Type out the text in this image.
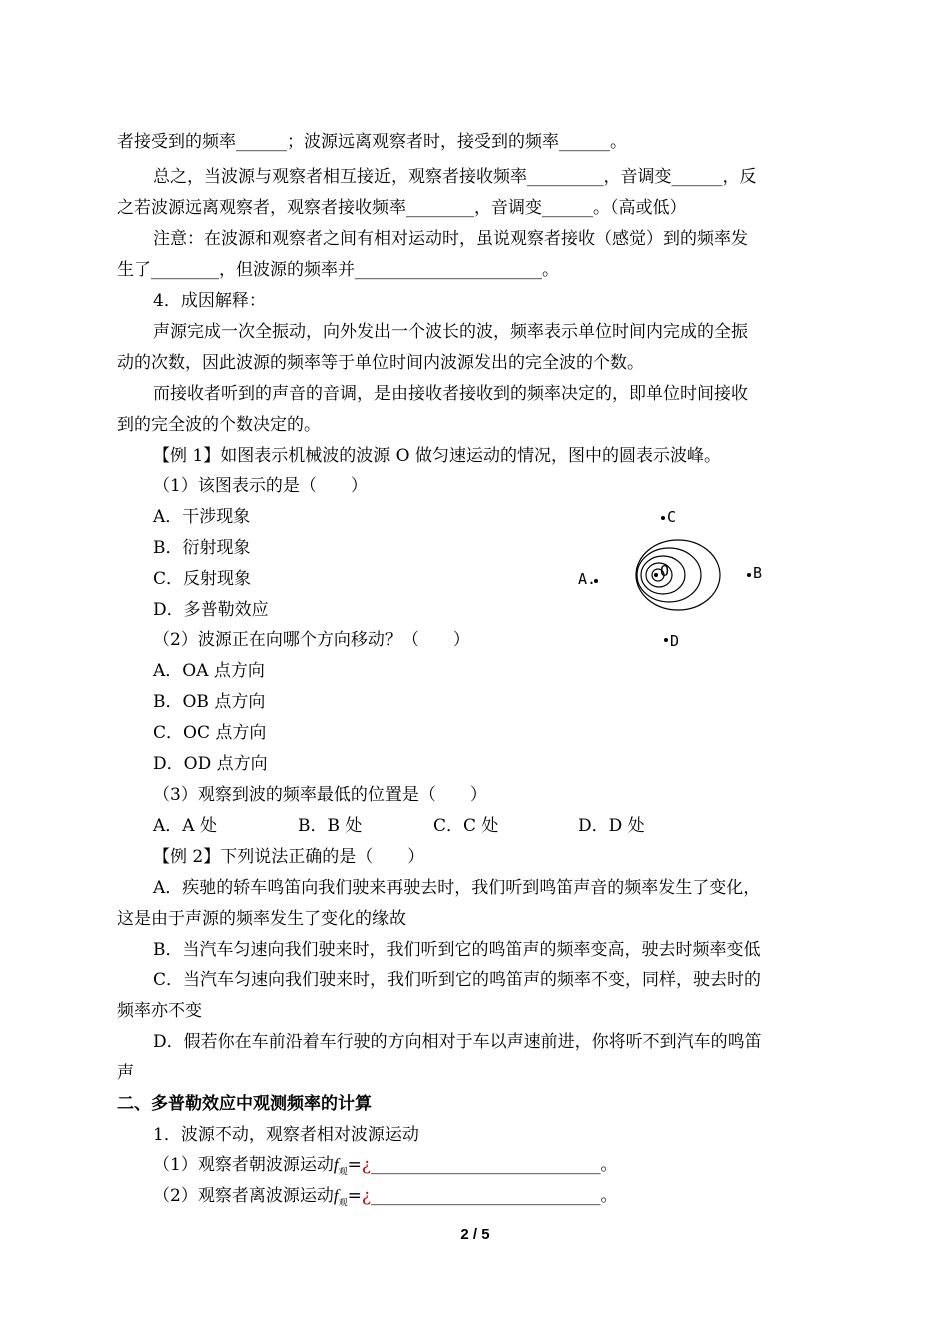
者接受到的频率______；波源远离观察者时，接受到的频率______。
总之，当波源与观察者相互接近，观察者接收频率_________，音调变______，反
之若波源远离观察者，观察者接收频率________，音调变______。（高或低）
注意：在波源和观察者之间有相对运动时，虽说观察者接收（感觉）到的频率发
生了________，但波源的频率并______________________。
4．成因解释：
声源完成一次全振动，向外发出一个波长的波，频率表示单位时间内完成的全振
动的次数，因此波源的频率等于单位时间内波源发出的完全波的个数。
而接收者听到的声音的音调，是由接收者接收到的频率决定的，即单位时间接收
到的完全波的个数决定的。
【例 1】如图表示机械波的波源 O 做匀速运动的情况，图中的圆表示波峰。
（1）该图表示的是（　　）
A．干涉现象
B．衍射现象
C．反射现象
D．多普勒效应
（2）波源正在向哪个方向移动？（　　）
A．OA 点方向
B．OB 点方向
C．OC 点方向
D．OD 点方向
（3）观察到波的频率最低的位置是（　　）
A．A 处	B．B 处	C．C 处	D．D 处
O
A.	B
C
D
【例 2】下列说法正确的是（　　）
A．疾驰的轿车鸣笛向我们驶来再驶去时，我们听到鸣笛声音的频率发生了变化，
这是由于声源的频率发生了变化的缘故
B．当汽车匀速向我们驶来时，我们听到它的鸣笛声的频率变高，驶去时频率变低
C．当汽车匀速向我们驶来时，我们听到它的鸣笛声的频率不变，同样，驶去时的
频率亦不变
D．假若你在车前沿着车行驶的方向相对于车以声速前进，你将听不到汽车的鸣笛
声
二、多普勒效应中观测频率的计算
1．波源不动，观察者相对波源运动
（1）观察者朝波源运动$f_观=¿\_\_\_\_\_\_\_\_\_\_\_\_\_\_\_\_\_\_\_\_\_\_\_\_\_\_\_$。
（2）观察者离波源运动$f_观=¿\_\_\_\_\_\_\_\_\_\_\_\_\_\_\_\_\_\_\_\_\_\_\_\_\_\_\_$。
2 / 5
